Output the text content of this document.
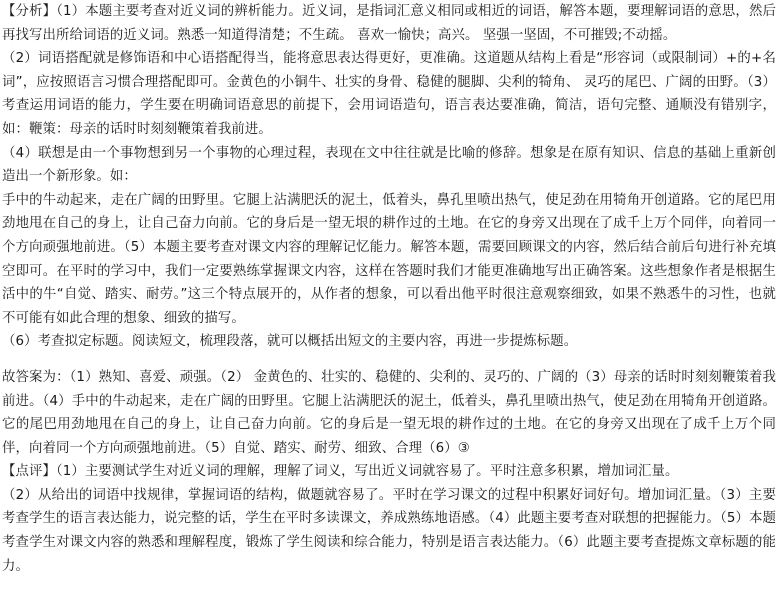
【分析】（1）本题主要考查对近义词的辨析能力。近义词，是指词汇意义相同或相近的词语，解答本题，要理解词语的意思，然后再找写出所给词语的近义词。熟悉一知道得清楚；不生疏。 喜欢一愉快；高兴。 坚强一坚固，不可摧毁;不动摇。

（2）词语搭配就是修饰语和中心语搭配得当，能将意思表达得更好，更准确。这道题从结构上看是“形容词（或限制词）+的+名词”，应按照语言习惯合理搭配即可。金黄色的小铜牛、壮实的身骨、稳健的腿脚、尖利的犄角、 灵巧的尾巴、广阔的田野。（3）考查运用词语的能力，学生要在明确词语意思的前提下，会用词语造句，语言表达要准确，简洁，语句完整、通顺没有错别字，如：鞭策：母亲的话时时刻刻鞭策着我前进。

（4）联想是由一个事物想到另一个事物的心理过程，表现在文中往往就是比喻的修辞。想象是在原有知识、信息的基础上重新创造出一个新形象。如：

手中的牛动起来，走在广阔的田野里。它腿上沾满肥沃的泥土，低着头，鼻孔里喷出热气，使足劲在用犄角开创道路。它的尾巴用劲地甩在自己的身上，让自己奋力向前。它的身后是一望无垠的耕作过的土地。在它的身旁又出现在了成千上万个同伴，向着同一个方向顽强地前进。（5）本题主要考查对课文内容的理解记忆能力。解答本题，需要回顾课文的内容，然后结合前后句进行补充填空即可。在平时的学习中，我们一定要熟练掌握课文内容，这样在答题时我们才能更准确地写出正确答案。这些想象作者是根据生活中的牛“自觉、踏实、耐劳。”这三个特点展开的，从作者的想象，可以看出他平时很注意观察细致，如果不熟悉牛的习性，也就不可能有如此合理的想象、细致的描写。

（6）考查拟定标题。阅读短文，梳理段落，就可以概括出短文的主要内容，再进一步提炼标题。

故答案为：（1）熟知、喜爱、顽强。（2） 金黄色的、壮实的、稳健的、尖利的、灵巧的、广阔的（3）母亲的话时时刻刻鞭策着我前进。（4）手中的牛动起来，走在广阔的田野里。它腿上沾满肥沃的泥土，低着头，鼻孔里喷出热气，使足劲在用犄角开创道路。它的尾巴用劲地甩在自己的身上，让自己奋力向前。它的身后是一望无垠的耕作过的土地。在它的身旁又出现在了成千上万个同伴，向着同一个方向顽强地前进。（5）自觉、踏实、耐劳、细致、合理（6）③

【点评】（1）主要测试学生对近义词的理解，理解了词义，写出近义词就容易了。平时注意多积累，增加词汇量。

（2）从给出的词语中找规律，掌握词语的结构，做题就容易了。平时在学习课文的过程中积累好词好句。增加词汇量。（3）主要考查学生的语言表达能力，说完整的话，学生在平时多读课文，养成熟练地语感。（4）此题主要考查对联想的把握能力。（5）本题考查学生对课文内容的熟悉和理解程度，锻炼了学生阅读和综合能力，特别是语言表达能力。（6）此题主要考查提炼文章标题的能力。
